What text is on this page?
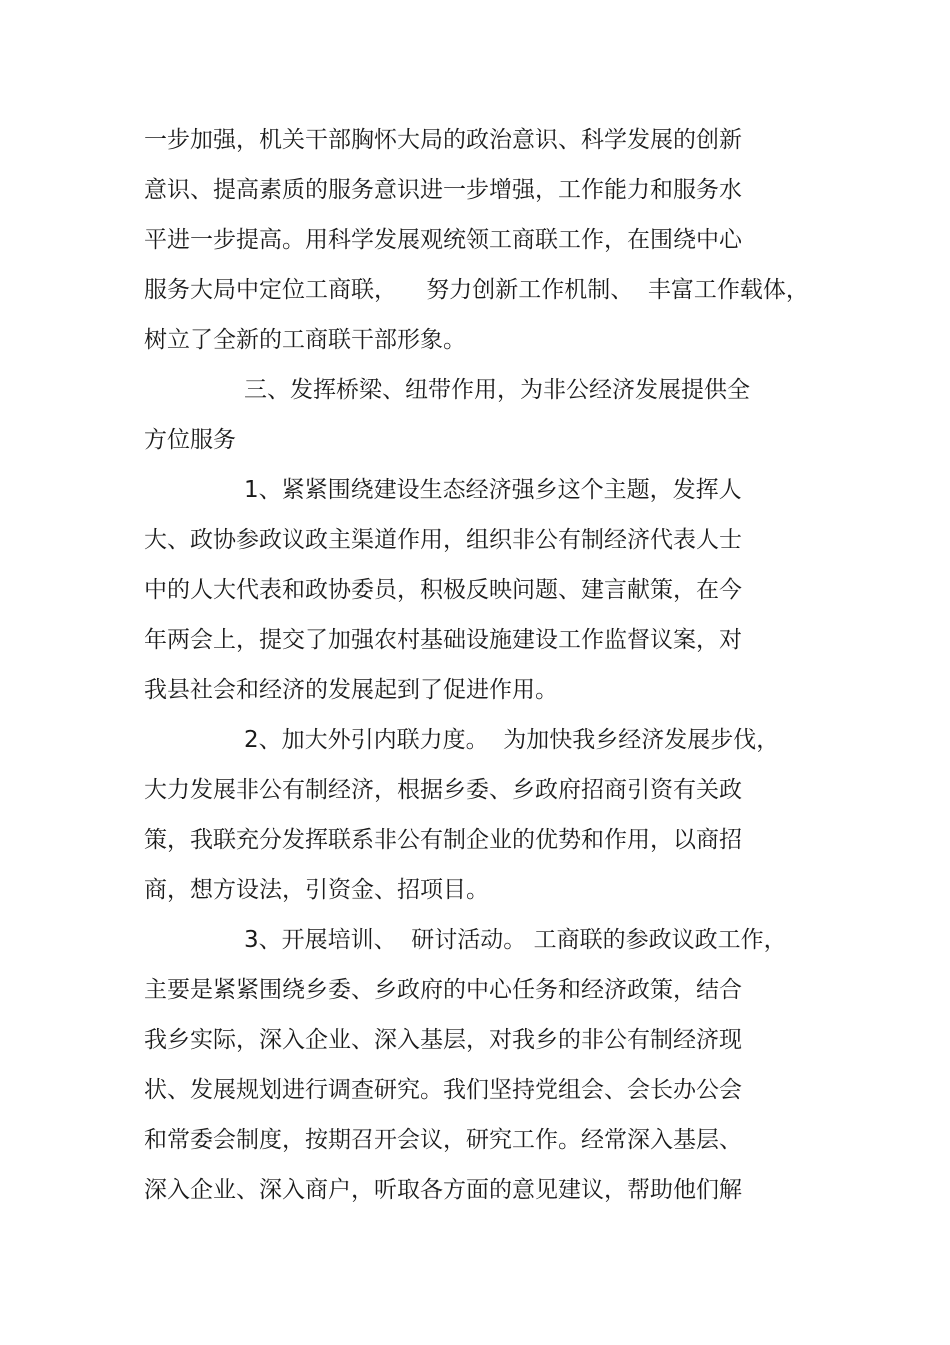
一步加强，机关干部胸怀大局的政治意识、科学发展的创新
意识、提高素质的服务意识进一步增强，工作能力和服务水
平进一步提高。用科学发展观统领工商联工作，在围绕中心
服务大局中定位工商联，    努力创新工作机制、  丰富工作载体，
树立了全新的工商联干部形象。
三、发挥桥梁、纽带作用，为非公经济发展提供全
方位服务
1、紧紧围绕建设生态经济强乡这个主题，发挥人
大、政协参政议政主渠道作用，组织非公有制经济代表人士
中的人大代表和政协委员，积极反映问题、建言献策，在今
年两会上，提交了加强农村基础设施建设工作监督议案，对
我县社会和经济的发展起到了促进作用。
2、加大外引内联力度。  为加快我乡经济发展步伐，
大力发展非公有制经济，根据乡委、乡政府招商引资有关政
策，我联充分发挥联系非公有制企业的优势和作用，以商招
商，想方设法，引资金、招项目。
3、开展培训、  研讨活动。 工商联的参政议政工作，
主要是紧紧围绕乡委、乡政府的中心任务和经济政策，结合
我乡实际，深入企业、深入基层，对我乡的非公有制经济现
状、发展规划进行调查研究。我们坚持党组会、会长办公会
和常委会制度，按期召开会议，研究工作。经常深入基层、
深入企业、深入商户，听取各方面的意见建议，帮助他们解
